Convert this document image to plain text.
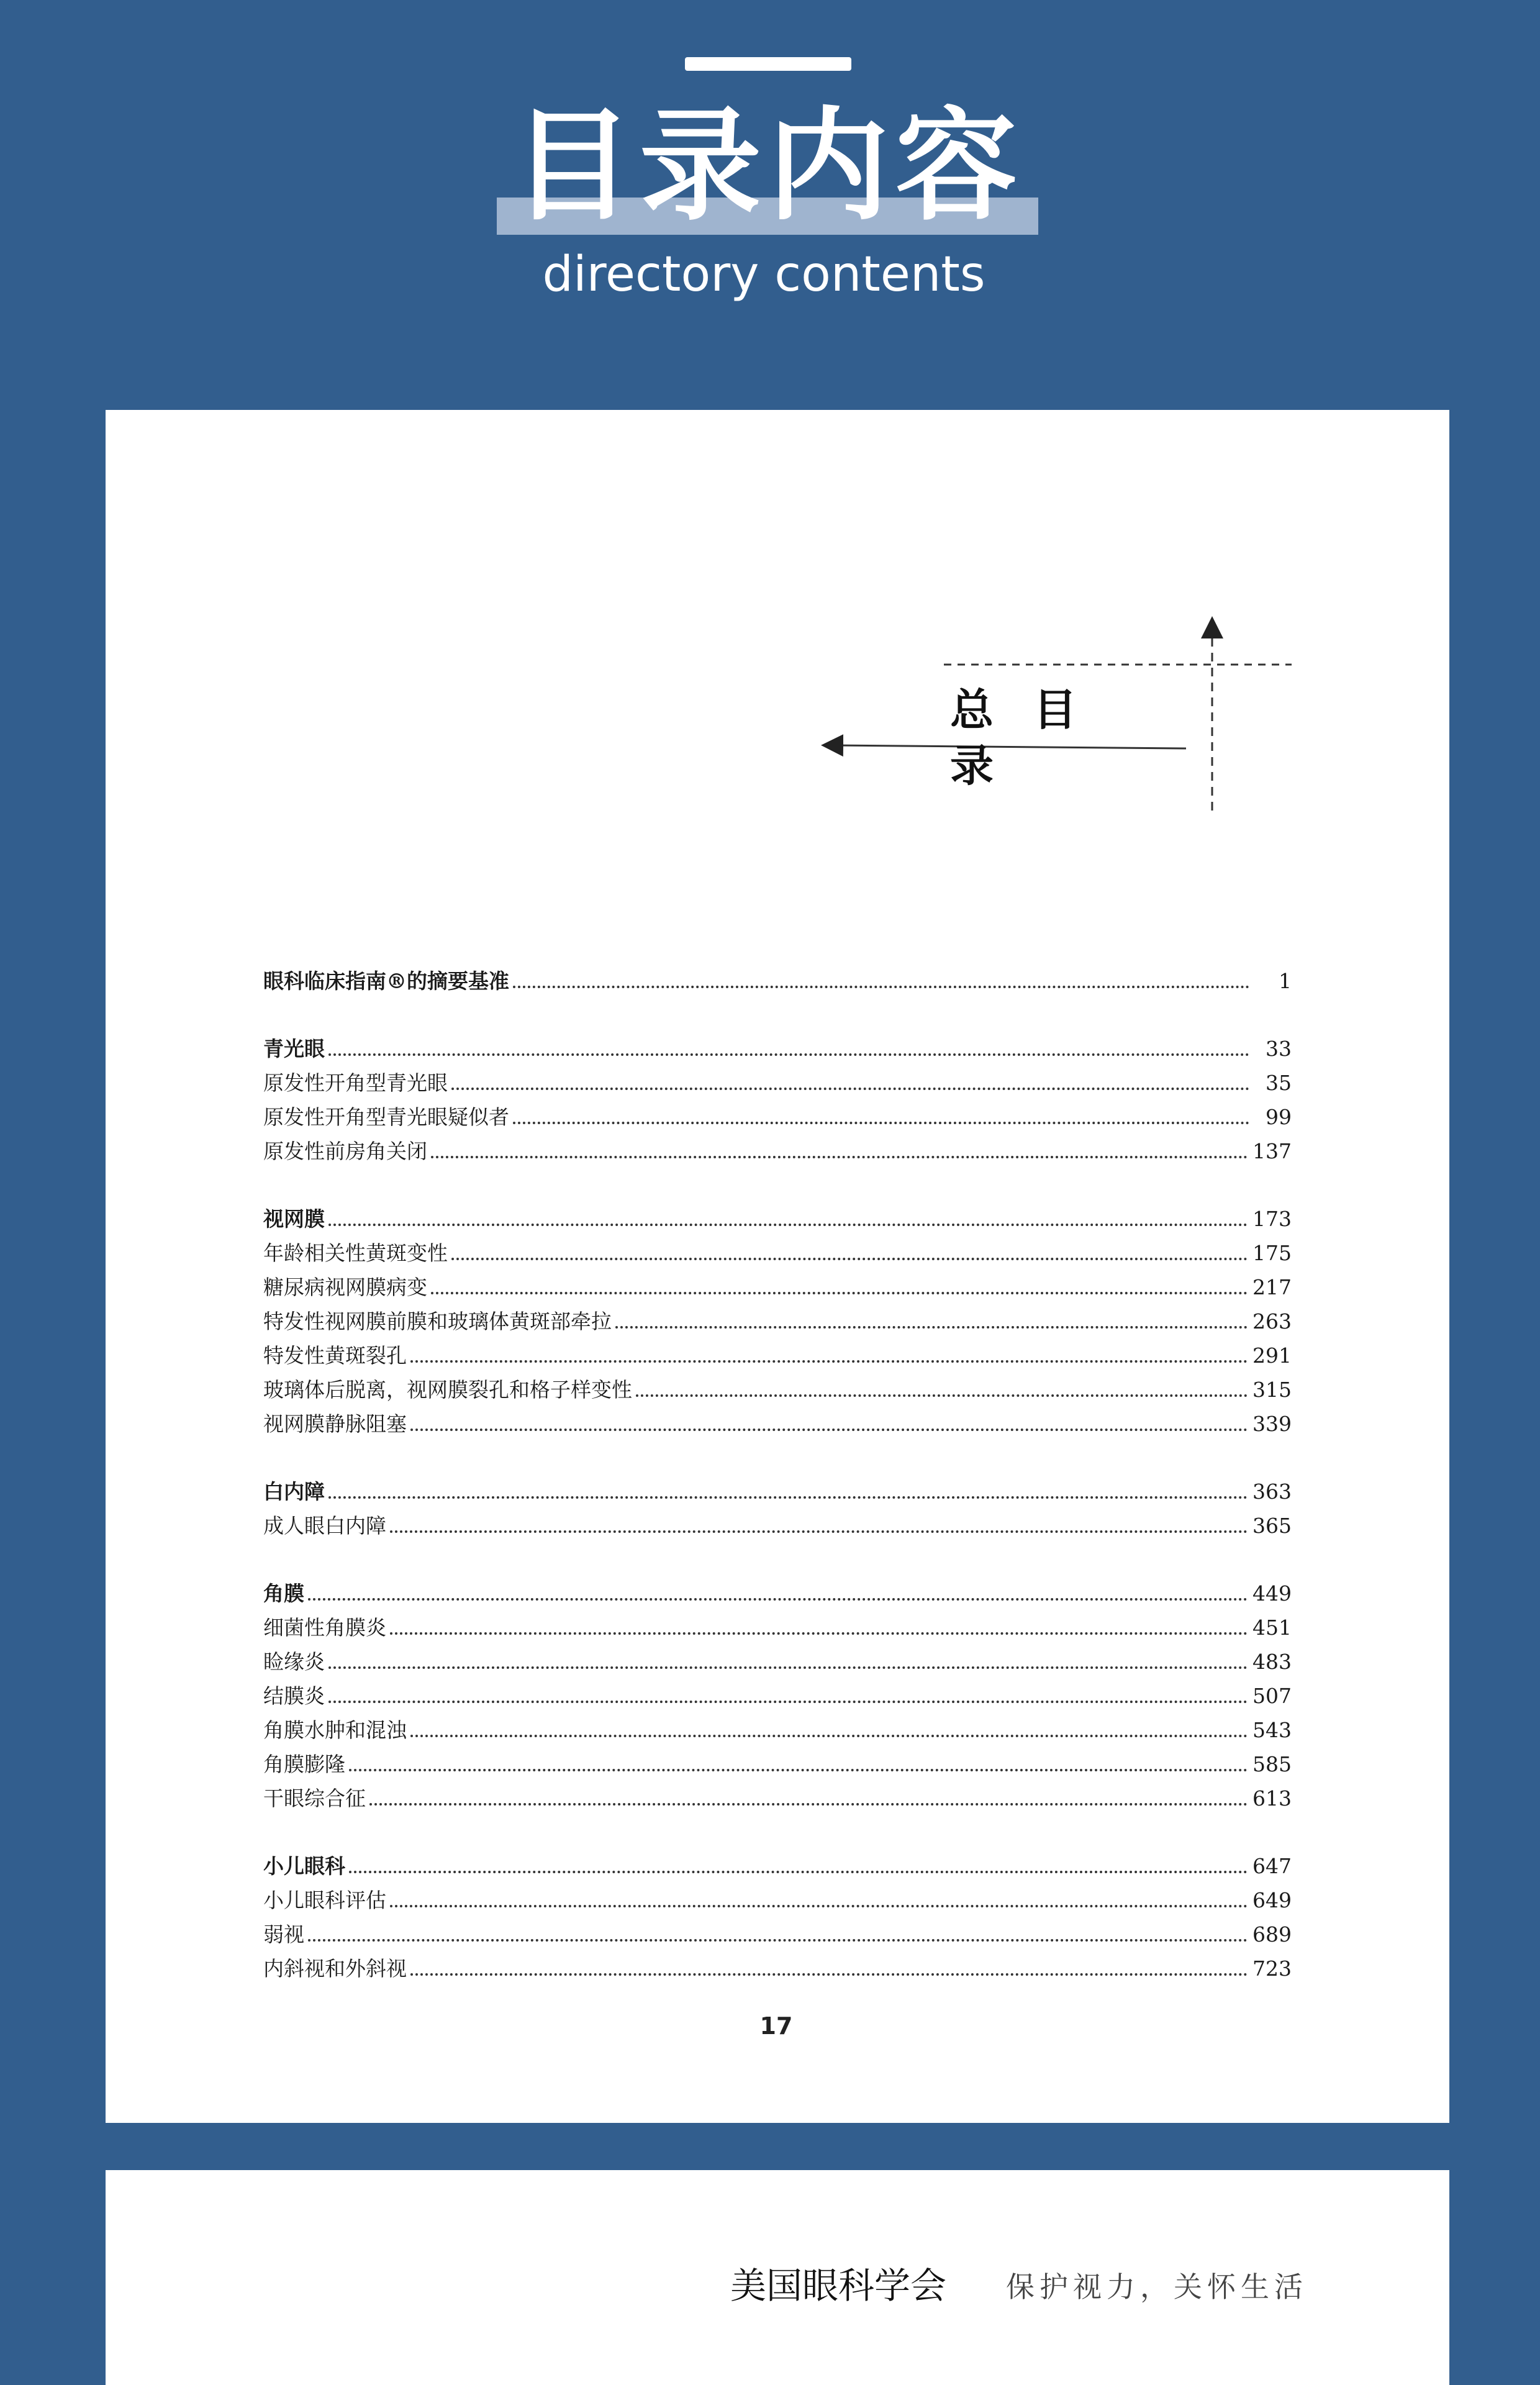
目录内容
directory contents
总目录
眼科临床指南®的摘要基准	1
青光眼	33
原发性开角型青光眼	35
原发性开角型青光眼疑似者	99
原发性前房角关闭	137
视网膜	173
年龄相关性黄斑变性	175
糖尿病视网膜病变	217
特发性视网膜前膜和玻璃体黄斑部牵拉	263
特发性黄斑裂孔	291
玻璃体后脱离，视网膜裂孔和格子样变性	315
视网膜静脉阻塞	339
白内障	363
成人眼白内障	365
角膜	449
细菌性角膜炎	451
睑缘炎	483
结膜炎	507
角膜水肿和混浊	543
角膜膨隆	585
干眼综合征	613
小儿眼科	647
小儿眼科评估	649
弱视	689
内斜视和外斜视	723
17
美国眼科学会 保护视力，关怀生活
